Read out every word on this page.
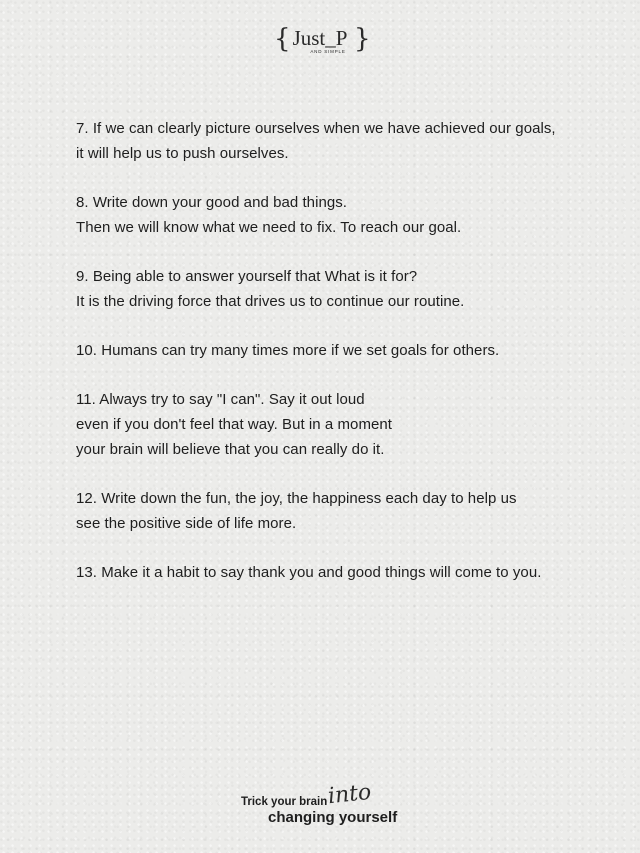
{ }
Just_P
AND SIMPLE
7. If we can clearly picture ourselves when we have achieved our goals,
it will help us to push ourselves.
8. Write down your good and bad things.
Then we will know what we need to fix. To reach our goal.
9. Being able to answer yourself that What is it for?
It is the driving force that drives us to continue our routine.
10. Humans can try many times more if we set goals for others.
11. Always try to say "I can". Say it out loud
even if you don't feel that way. But in a moment
your brain will believe that you can really do it.
12. Write down the fun, the joy, the happiness each day to help us
see the positive side of life more.
13. Make it a habit to say thank you and good things will come to you.
Trick your brain into
changing yourself
